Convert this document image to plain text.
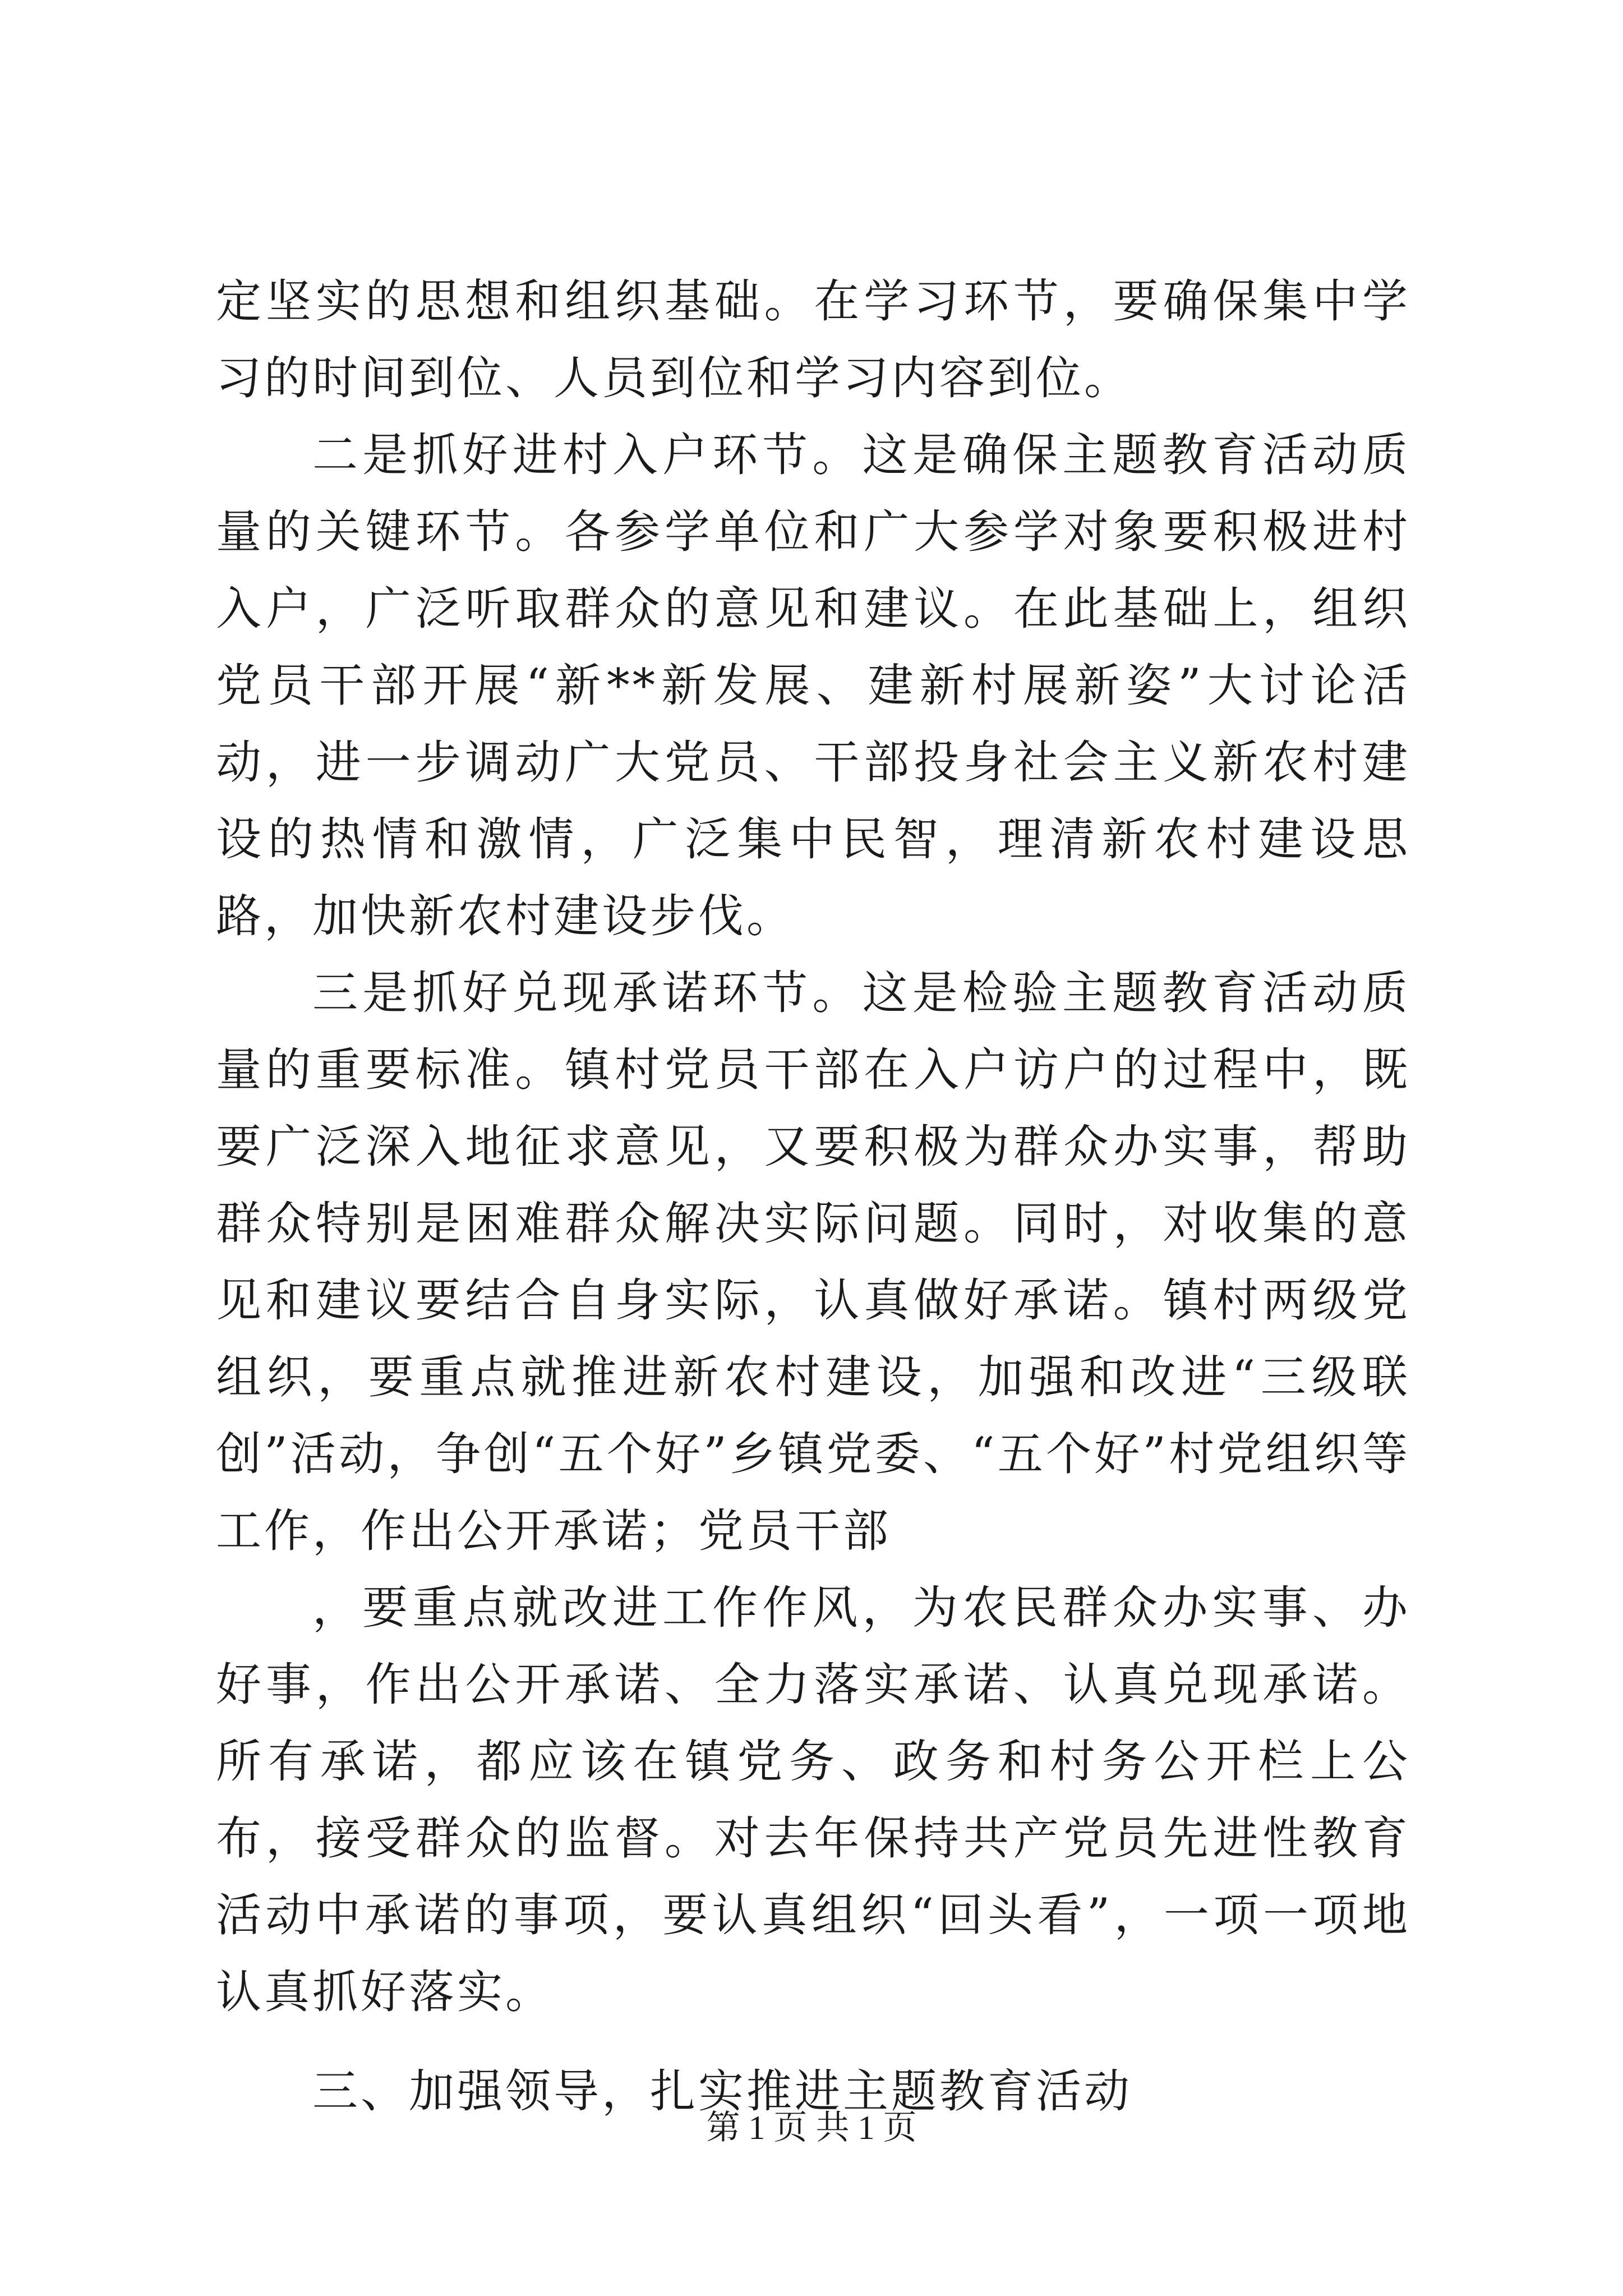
定坚实的思想和组织基础。在学习环节，要确保集中学习的时间到位、人员到位和学习内容到位。

二是抓好进村入户环节。这是确保主题教育活动质量的关键环节。各参学单位和广大参学对象要积极进村入户，广泛听取群众的意见和建议。在此基础上，组织党员干部开展“新**新发展、建新村展新姿”大讨论活动，进一步调动广大党员、干部投身社会主义新农村建设的热情和激情，广泛集中民智，理清新农村建设思路，加快新农村建设步伐。

三是抓好兑现承诺环节。这是检验主题教育活动质量的重要标准。镇村党员干部在入户访户的过程中，既要广泛深入地征求意见，又要积极为群众办实事，帮助群众特别是困难群众解决实际问题。同时，对收集的意见和建议要结合自身实际，认真做好承诺。镇村两级党组织，要重点就推进新农村建设，加强和改进“三级联创”活动，争创“五个好”乡镇党委、“五个好”村党组织等工作，作出公开承诺；党员干部

，要重点就改进工作作风，为农民群众办实事、办好事，作出公开承诺、全力落实承诺、认真兑现承诺。所有承诺，都应该在镇党务、政务和村务公开栏上公布，接受群众的监督。对去年保持共产党员先进性教育活动中承诺的事项，要认真组织“回头看”，一项一项地认真抓好落实。

三、加强领导，扎实推进主题教育活动

第 1 页 共 1 页
